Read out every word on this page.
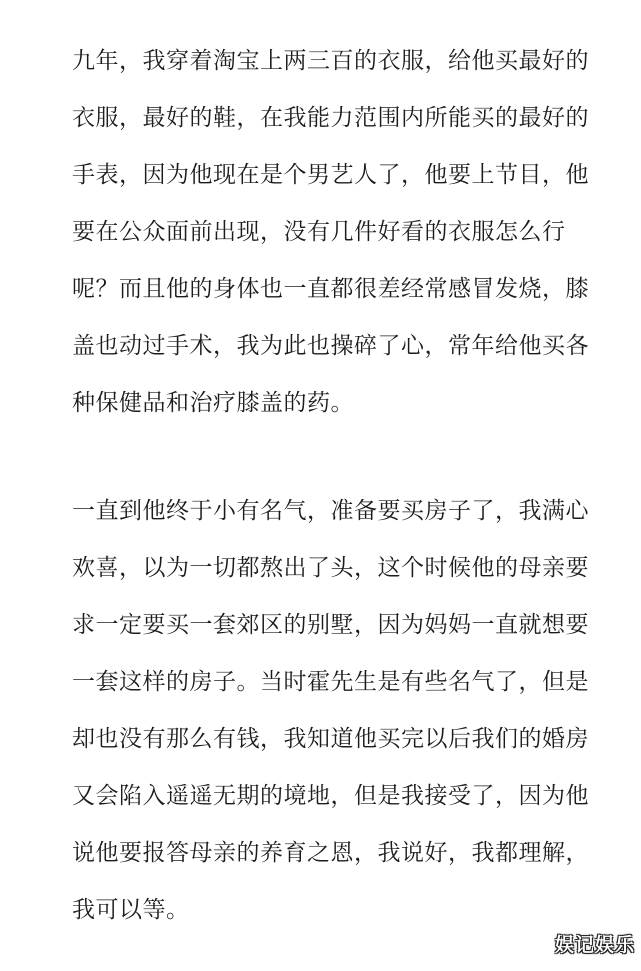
九年，我穿着淘宝上两三百的衣服，给他买最好的
衣服，最好的鞋，在我能力范围内所能买的最好的
手表，因为他现在是个男艺人了，他要上节目，他
要在公众面前出现，没有几件好看的衣服怎么行
呢？而且他的身体也一直都很差经常感冒发烧，膝
盖也动过手术，我为此也操碎了心，常年给他买各
种保健品和治疗膝盖的药。
一直到他终于小有名气，准备要买房子了，我满心
欢喜，以为一切都熬出了头，这个时候他的母亲要
求一定要买一套郊区的别墅，因为妈妈一直就想要
一套这样的房子。当时霍先生是有些名气了，但是
却也没有那么有钱，我知道他买完以后我们的婚房
又会陷入遥遥无期的境地，但是我接受了，因为他
说他要报答母亲的养育之恩，我说好，我都理解，
我可以等。
娱记娱乐
